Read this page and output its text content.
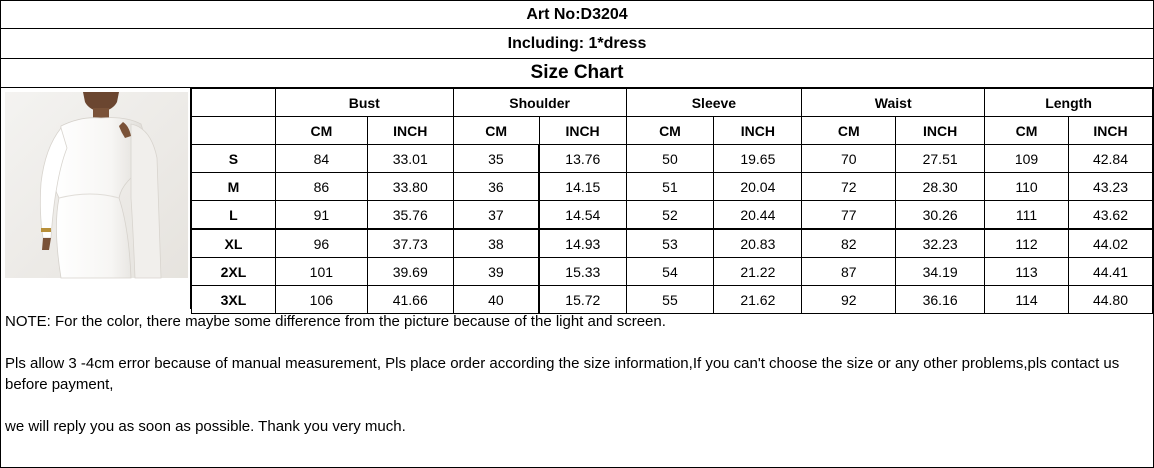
Art No:D3204
Including: 1*dress
Size Chart
	Bust		Shoulder		Sleeve		Waist		Length	
	CM	INCH	CM	INCH	CM	INCH	CM	INCH	CM	INCH
S	84	33.01	35	13.76	50	19.65	70	27.51	109	42.84
M	86	33.80	36	14.15	51	20.04	72	28.30	110	43.23
L	91	35.76	37	14.54	52	20.44	77	30.26	111	43.62
XL	96	37.73	38	14.93	53	20.83	82	32.23	112	44.02
2XL	101	39.69	39	15.33	54	21.22	87	34.19	113	44.41
3XL	106	41.66	40	15.72	55	21.62	92	36.16	114	44.80

NOTE: For the color, there maybe some difference from the picture because of the light and screen.

Pls allow 3 -4cm error because of manual measurement, Pls place order according the size information,If you can't choose the size or any other problems,pls contact us before payment,

we will reply you as soon as possible. Thank you very much.
